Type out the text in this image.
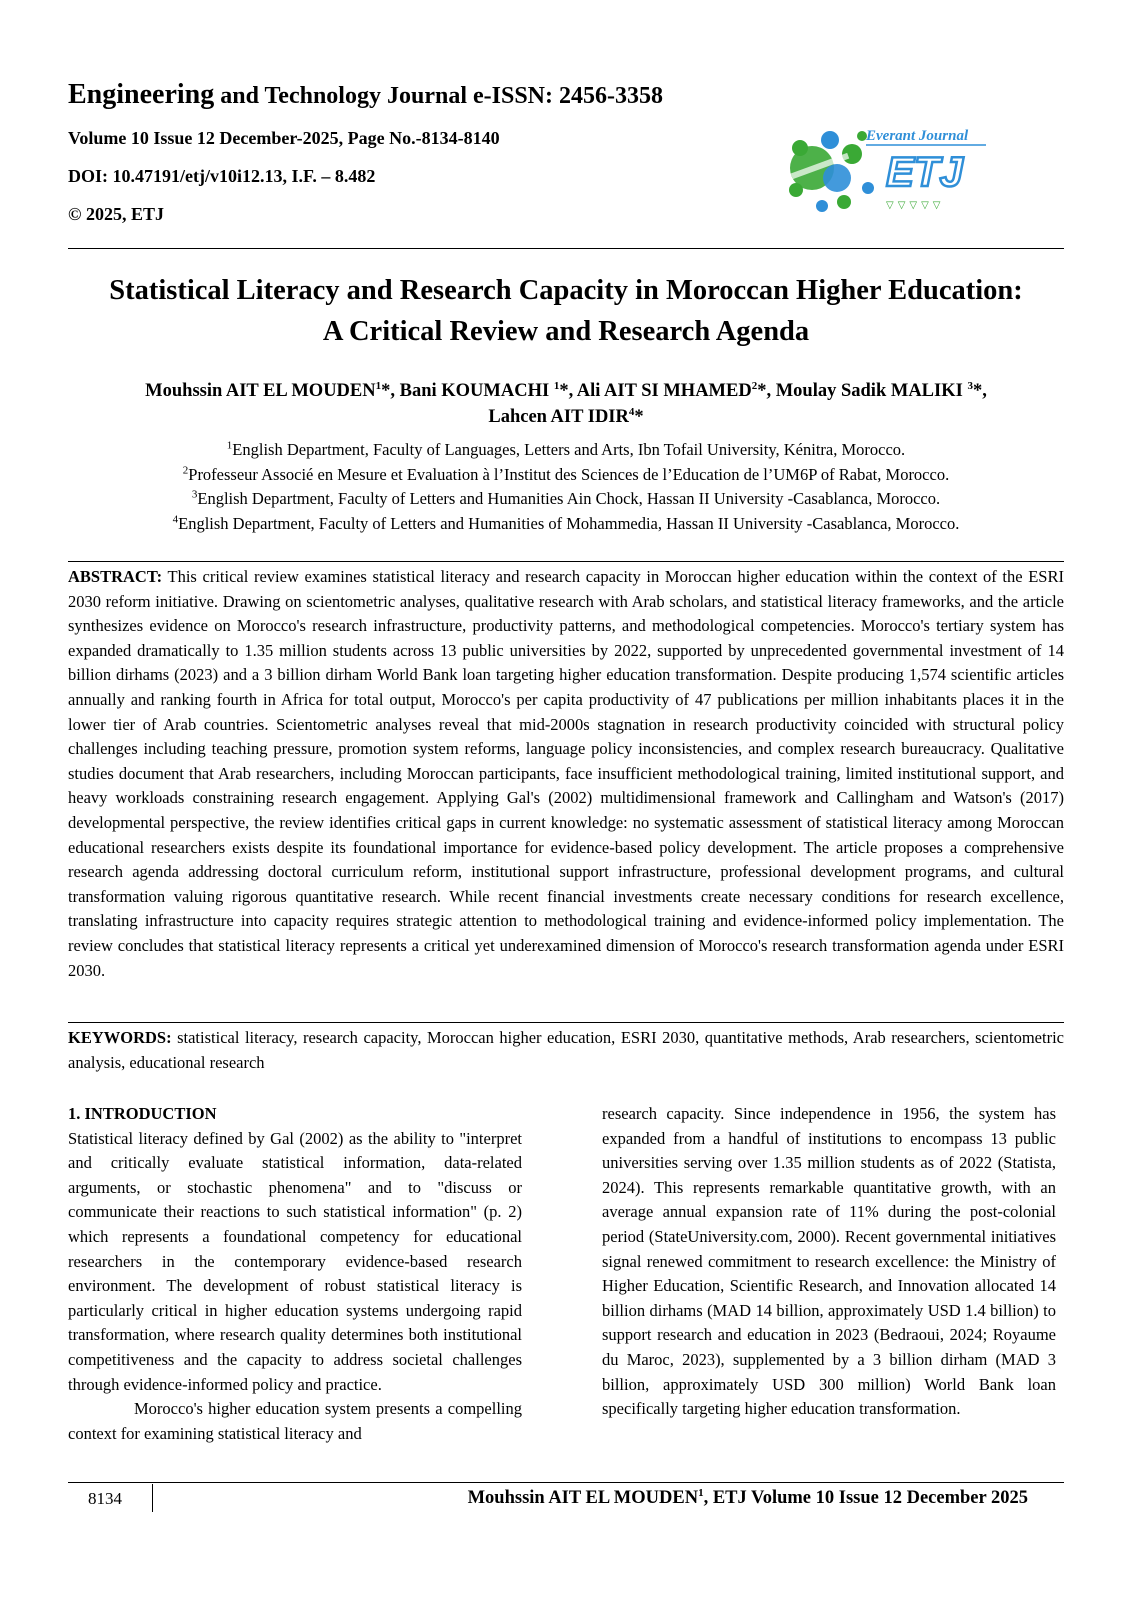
Engineering and Technology Journal e-ISSN: 2456-3358
Volume 10 Issue 12 December-2025, Page No.-8134-8140
DOI: 10.47191/etj/v10i12.13, I.F. – 8.482
© 2025, ETJ
Everant Journal
ETJ
▽▽▽▽▽
Statistical Literacy and Research Capacity in Moroccan Higher Education:
A Critical Review and Research Agenda
Mouhssin AIT EL MOUDEN$^1$*, Bani KOUMACHI $^1$*, Ali AIT SI MHAMED$^2$*, Moulay Sadik MALIKI $^3$*,
Lahcen AIT IDIR$^4$*
$^1$English Department, Faculty of Languages, Letters and Arts, Ibn Tofail University, Kénitra, Morocco.
$^2$Professeur Associé en Mesure et Evaluation à l’Institut des Sciences de l’Education de l’UM6P of Rabat, Morocco.
$^3$English Department, Faculty of Letters and Humanities Ain Chock, Hassan II University -Casablanca, Morocco.
$^4$English Department, Faculty of Letters and Humanities of Mohammedia, Hassan II University -Casablanca, Morocco.
ABSTRACT: This critical review examines statistical literacy and research capacity in Moroccan higher education within the context of the ESRI 2030 reform initiative. Drawing on scientometric analyses, qualitative research with Arab scholars, and statistical literacy frameworks, and the article synthesizes evidence on Morocco's research infrastructure, productivity patterns, and methodological competencies. Morocco's tertiary system has expanded dramatically to 1.35 million students across 13 public universities by 2022, supported by unprecedented governmental investment of 14 billion dirhams (2023) and a 3 billion dirham World Bank loan targeting higher education transformation. Despite producing 1,574 scientific articles annually and ranking fourth in Africa for total output, Morocco's per capita productivity of 47 publications per million inhabitants places it in the lower tier of Arab countries. Scientometric analyses reveal that mid-2000s stagnation in research productivity coincided with structural policy challenges including teaching pressure, promotion system reforms, language policy inconsistencies, and complex research bureaucracy. Qualitative studies document that Arab researchers, including Moroccan participants, face insufficient methodological training, limited institutional support, and heavy workloads constraining research engagement. Applying Gal's (2002) multidimensional framework and Callingham and Watson's (2017) developmental perspective, the review identifies critical gaps in current knowledge: no systematic assessment of statistical literacy among Moroccan educational researchers exists despite its foundational importance for evidence-based policy development. The article proposes a comprehensive research agenda addressing doctoral curriculum reform, institutional support infrastructure, professional development programs, and cultural transformation valuing rigorous quantitative research. While recent financial investments create necessary conditions for research excellence, translating infrastructure into capacity requires strategic attention to methodological training and evidence-informed policy implementation. The review concludes that statistical literacy represents a critical yet underexamined dimension of Morocco's research transformation agenda under ESRI 2030.
KEYWORDS: statistical literacy, research capacity, Moroccan higher education, ESRI 2030, quantitative methods, Arab researchers, scientometric analysis, educational research
1. INTRODUCTION

Statistical literacy defined by Gal (2002) as the ability to "interpret and critically evaluate statistical information, data-related arguments, or stochastic phenomena" and to "discuss or communicate their reactions to such statistical information" (p. 2) which represents a foundational competency for educational researchers in the contemporary evidence-based research environment. The development of robust statistical literacy is particularly critical in higher education systems undergoing rapid transformation, where research quality determines both institutional competitiveness and the capacity to address societal challenges through evidence-informed policy and practice.

Morocco's higher education system presents a compelling context for examining statistical literacy and

research capacity. Since independence in 1956, the system has expanded from a handful of institutions to encompass 13 public universities serving over 1.35 million students as of 2022 (Statista, 2024). This represents remarkable quantitative growth, with an average annual expansion rate of 11% during the post-colonial period (StateUniversity.com, 2000). Recent governmental initiatives signal renewed commitment to research excellence: the Ministry of Higher Education, Scientific Research, and Innovation allocated 14 billion dirhams (MAD 14 billion, approximately USD 1.4 billion) to support research and education in 2023 (Bedraoui, 2024; Royaume du Maroc, 2023), supplemented by a 3 billion dirham (MAD 3 billion, approximately USD 300 million) World Bank loan specifically targeting higher education transformation.

8134	Mouhssin AIT EL MOUDEN$^1$, ETJ Volume 10 Issue 12 December 2025
